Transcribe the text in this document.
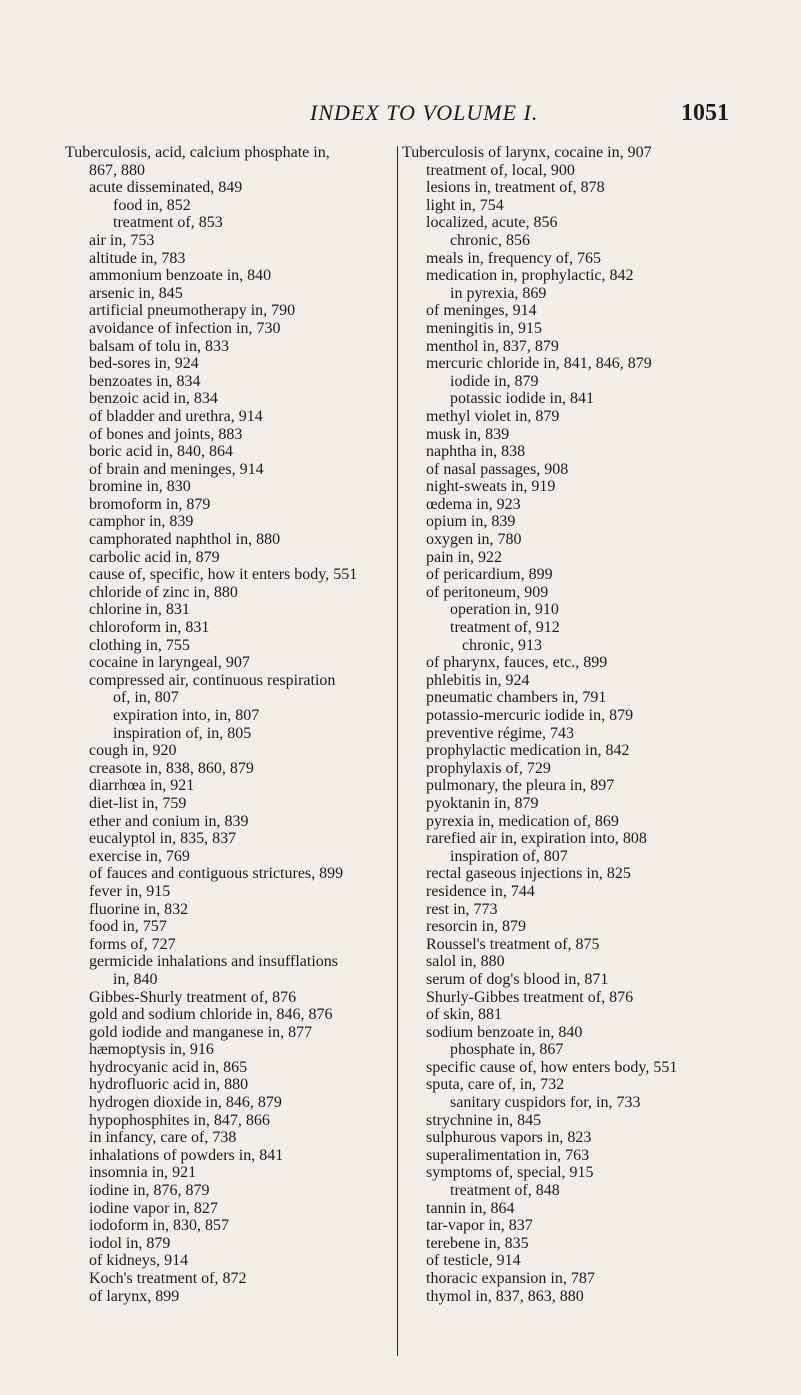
INDEX TO VOLUME I.	1051
Tuberculosis, acid, calcium phosphate in,
867, 880
acute disseminated, 849
food in, 852
treatment of, 853
air in, 753
altitude in, 783
ammonium benzoate in, 840
arsenic in, 845
artificial pneumotherapy in, 790
avoidance of infection in, 730
balsam of tolu in, 833
bed-sores in, 924
benzoates in, 834
benzoic acid in, 834
of bladder and urethra, 914
of bones and joints, 883
boric acid in, 840, 864
of brain and meninges, 914
bromine in, 830
bromoform in, 879
camphor in, 839
camphorated naphthol in, 880
carbolic acid in, 879
cause of, specific, how it enters body, 551
chloride of zinc in, 880
chlorine in, 831
chloroform in, 831
clothing in, 755
cocaine in laryngeal, 907
compressed air, continuous respiration
of, in, 807
expiration into, in, 807
inspiration of, in, 805
cough in, 920
creasote in, 838, 860, 879
diarrhœa in, 921
diet-list in, 759
ether and conium in, 839
eucalyptol in, 835, 837
exercise in, 769
of fauces and contiguous strictures, 899
fever in, 915
fluorine in, 832
food in, 757
forms of, 727
germicide inhalations and insufflations
in, 840
Gibbes-Shurly treatment of, 876
gold and sodium chloride in, 846, 876
gold iodide and manganese in, 877
hæmoptysis in, 916
hydrocyanic acid in, 865
hydrofluoric acid in, 880
hydrogen dioxide in, 846, 879
hypophosphites in, 847, 866
in infancy, care of, 738
inhalations of powders in, 841
insomnia in, 921
iodine in, 876, 879
iodine vapor in, 827
iodoform in, 830, 857
iodol in, 879
of kidneys, 914
Koch's treatment of, 872
of larynx, 899
Tuberculosis of larynx, cocaine in, 907
treatment of, local, 900
lesions in, treatment of, 878
light in, 754
localized, acute, 856
chronic, 856
meals in, frequency of, 765
medication in, prophylactic, 842
in pyrexia, 869
of meninges, 914
meningitis in, 915
menthol in, 837, 879
mercuric chloride in, 841, 846, 879
iodide in, 879
potassic iodide in, 841
methyl violet in, 879
musk in, 839
naphtha in, 838
of nasal passages, 908
night-sweats in, 919
œdema in, 923
opium in, 839
oxygen in, 780
pain in, 922
of pericardium, 899
of peritoneum, 909
operation in, 910
treatment of, 912
chronic, 913
of pharynx, fauces, etc., 899
phlebitis in, 924
pneumatic chambers in, 791
potassio-mercuric iodide in, 879
preventive régime, 743
prophylactic medication in, 842
prophylaxis of, 729
pulmonary, the pleura in, 897
pyoktanin in, 879
pyrexia in, medication of, 869
rarefied air in, expiration into, 808
inspiration of, 807
rectal gaseous injections in, 825
residence in, 744
rest in, 773
resorcin in, 879
Roussel's treatment of, 875
salol in, 880
serum of dog's blood in, 871
Shurly-Gibbes treatment of, 876
of skin, 881
sodium benzoate in, 840
phosphate in, 867
specific cause of, how enters body, 551
sputa, care of, in, 732
sanitary cuspidors for, in, 733
strychnine in, 845
sulphurous vapors in, 823
superalimentation in, 763
symptoms of, special, 915
treatment of, 848
tannin in, 864
tar-vapor in, 837
terebene in, 835
of testicle, 914
thoracic expansion in, 787
thymol in, 837, 863, 880
